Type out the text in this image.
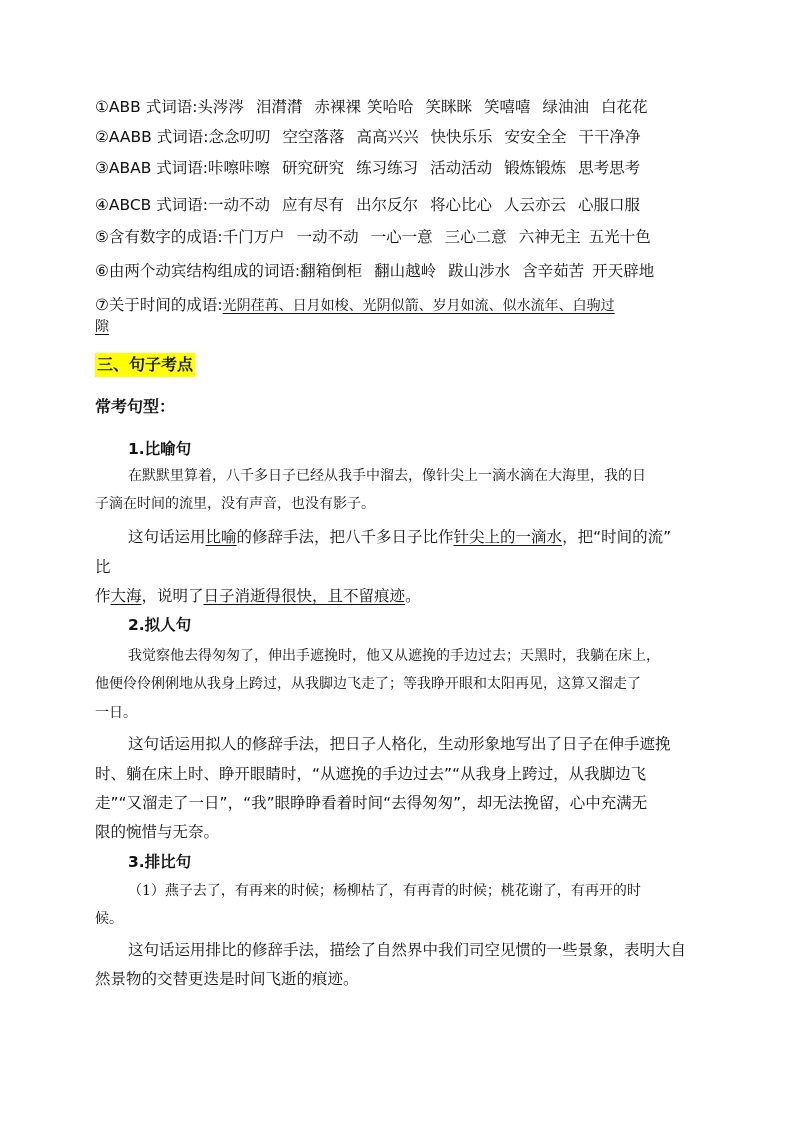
①ABB 式词语:头涔涔 泪潸潸 赤裸裸 笑哈哈 笑眯眯 笑嘻嘻 绿油油 白花花
②AABB 式词语:念念叨叨 空空落落 高高兴兴 快快乐乐 安安全全 干干净净
③ABAB 式词语:咔嚓咔嚓 研究研究 练习练习 活动活动 锻炼锻炼 思考思考
④ABCB 式词语:一动不动 应有尽有 出尔反尔 将心比心 人云亦云 心服口服
⑤含有数字的成语:千门万户 一动不动 一心一意 三心二意 六神无主 五光十色
⑥由两个动宾结构组成的词语:翻箱倒柜 翻山越岭 跋山涉水 含辛茹苦 开天辟地
⑦关于时间的成语:光阴荏苒、日月如梭、光阴似箭、岁月如流、似水流年、白驹过
隙
三、句子考点
常考句型：
1.比喻句
在默默里算着，八千多日子已经从我手中溜去，像针尖上一滴水滴在大海里，我的日
子滴在时间的流里，没有声音，也没有影子。
这句话运用比喻的修辞手法，把八千多日子比作针尖上的一滴水，把“时间的流”
比
作大海，说明了日子消逝得很快，且不留痕迹。
2.拟人句
我觉察他去得匆匆了，伸出手遮挽时，他又从遮挽的手边过去；天黑时，我躺在床上，
他便伶伶俐俐地从我身上跨过，从我脚边飞走了；等我睁开眼和太阳再见，这算又溜走了
一日。
这句话运用拟人的修辞手法，把日子人格化，生动形象地写出了日子在伸手遮挽
时、躺在床上时、睁开眼睛时，“从遮挽的手边过去”“从我身上跨过，从我脚边飞
走”“又溜走了一日”，“我”眼睁睁看着时间“去得匆匆”，却无法挽留，心中充满无
限的惋惜与无奈。
3.排比句
（1）燕子去了，有再来的时候；杨柳枯了，有再青的时候；桃花谢了，有再开的时
候。
这句话运用排比的修辞手法，描绘了自然界中我们司空见惯的一些景象，表明大自
然景物的交替更迭是时间飞逝的痕迹。
